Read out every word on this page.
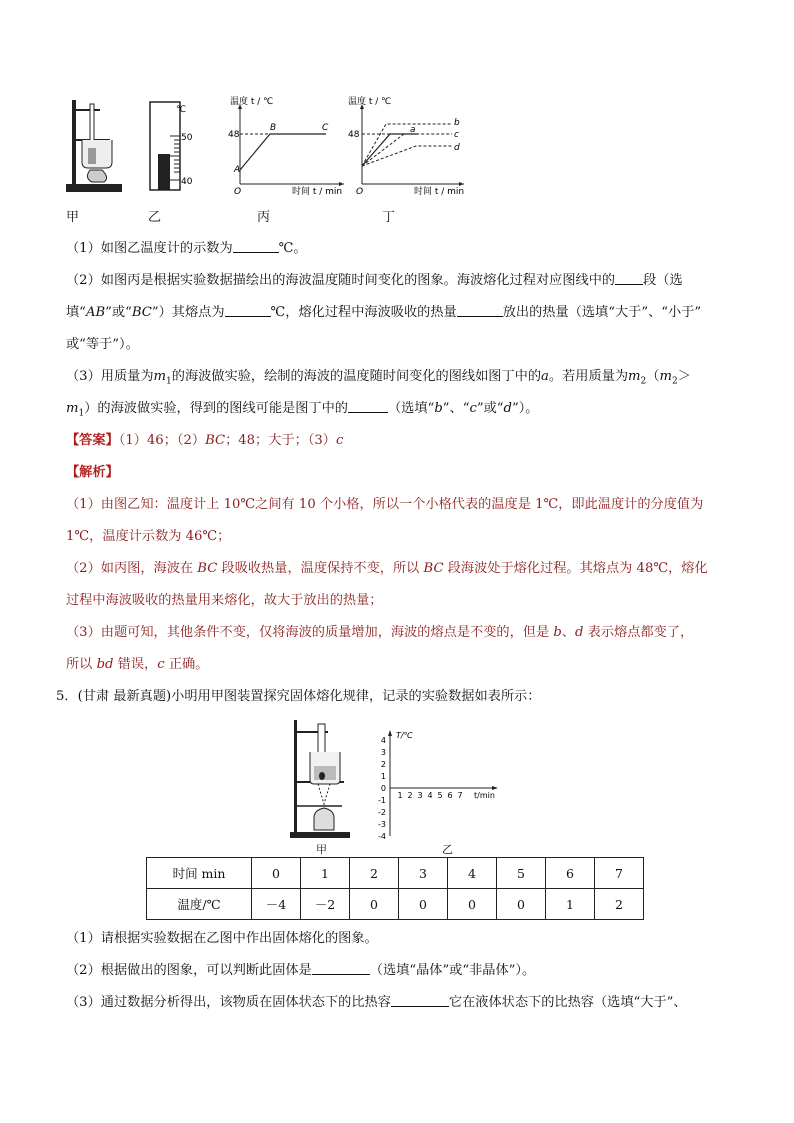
甲
℃
50
40
乙
温度 t / ℃
48
O
A
B	C
时间 t / min
丙
温度 t / ℃
48
O
a
b
c
d
时间 t / min
丁
（1）如图乙温度计的示数为	℃。
（2）如图丙是根据实验数据描绘出的海波温度随时间变化的图象。海波熔化过程对应图线中的 段（选
填“AB”或“BC”）其熔点为	℃，熔化过程中海波吸收的热量	放出的热量（选填“大于”、“小于”
或“等于”）。
（3）用质量为$m_1$的海波做实验，绘制的海波的温度随时间变化的图线如图丁中的a。若用质量为$m_2(m_2>$
$m_1$）的海波做实验，得到的图线可能是图丁中的	（选填“b”、“c”或“d”）。
【答案】（1）46；（2）BC；48；大于；（3）c
【解析】
（1）由图乙知：温度计上 10℃之间有 10 个小格，所以一个小格代表的温度是 1℃，即此温度计的分度值为
1℃，温度计示数为 46℃；
（2）如丙图，海波在 BC 段吸收热量，温度保持不变，所以 BC 段海波处于熔化过程。其熔点为 48℃，熔化
过程中海波吸收的热量用来熔化，故大于放出的热量；
（3）由题可知，其他条件不变，仅将海波的质量增加，海波的熔点是不变的，但是 b、d 表示熔点都变了，
所以 bd 错误，c 正确。
5．(甘肃 最新真题)小明用甲图装置探究固体熔化规律，记录的实验数据如表所示：
甲
4
3
2
1
0
-1
-2
-3
-4
1 2 3 4 5 6 7
T/℃
t/min
乙
时间 min	0	1	2	3	4	5	6	7
温度/℃	－4	－2	0	0	0	0	1	2
（1）请根据实验数据在乙图中作出固体熔化的图象。
（2）根据做出的图象，可以判断此固体是	（选填“晶体”或“非晶体”）。
（3）通过数据分析得出，该物质在固体状态下的比热容	它在液体状态下的比热容（选填“大于”、
